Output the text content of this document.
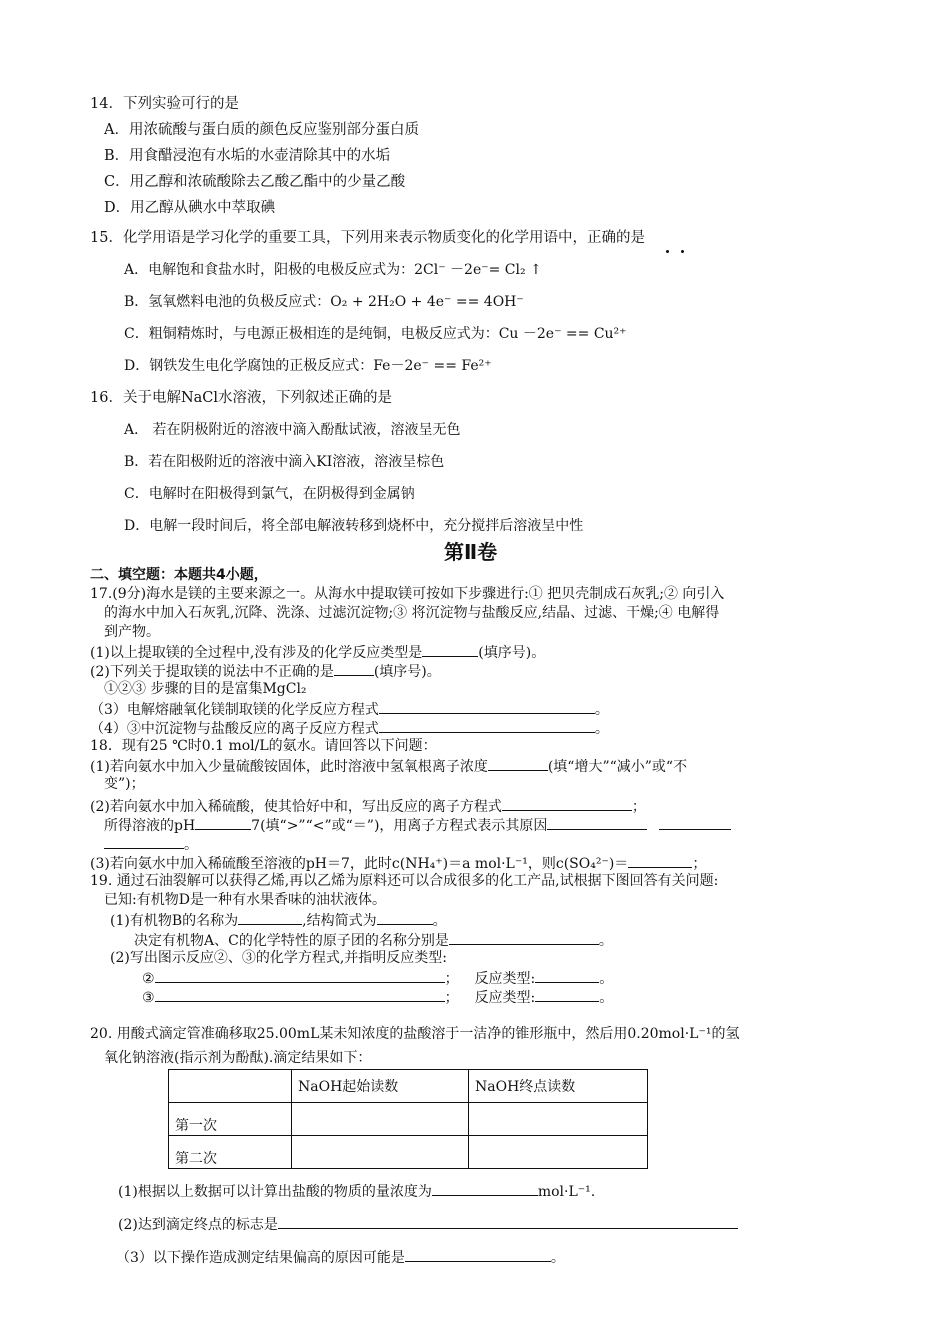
14．下列实验可行的是
A．用浓硫酸与蛋白质的颜色反应鉴别部分蛋白质
B．用食醋浸泡有水垢的水壶清除其中的水垢
C．用乙醇和浓硫酸除去乙酸乙酯中的少量乙酸
D．用乙醇从碘水中萃取碘
15．化学用语是学习化学的重要工具，下列用来表示物质变化的化学用语中，正确的是
A．电解饱和食盐水时，阳极的电极反应式为：2Cl⁻ －2e⁻= Cl₂ ↑
B．氢氧燃料电池的负极反应式：O₂ + 2H₂O + 4e⁻ == 4OH⁻
C．粗铜精炼时，与电源正极相连的是纯铜，电极反应式为：Cu －2e⁻ == Cu²⁺
D．钢铁发生电化学腐蚀的正极反应式：Fe－2e⁻ == Fe²⁺
16．关于电解NaCl水溶液，下列叙述正确的是
A． 若在阴极附近的溶液中滴入酚酞试液，溶液呈无色
B．若在阳极附近的溶液中滴入KI溶液，溶液呈棕色
C．电解时在阳极得到氯气，在阴极得到金属钠
D．电解一段时间后，将全部电解液转移到烧杯中，充分搅拌后溶液呈中性
第Ⅱ卷
二、填空题：本题共4小题，
17.(9分)海水是镁的主要来源之一。从海水中提取镁可按如下步骤进行:① 把贝壳制成石灰乳;② 向引入
的海水中加入石灰乳,沉降、洗涤、过滤沉淀物;③ 将沉淀物与盐酸反应,结晶、过滤、干燥;④ 电解得
到产物。
(1)以上提取镁的全过程中,没有涉及的化学反应类型是	(填序号)。
(2)下列关于提取镁的说法中不正确的是	(填序号)。
①②③ 步骤的目的是富集MgCl₂
（3）电解熔融氧化镁制取镁的化学反应方程式	。
（4）③中沉淀物与盐酸反应的离子反应方程式	。
18．现有25 ℃时0.1 mol/L的氨水。请回答以下问题：
(1)若向氨水中加入少量硫酸铵固体，此时溶液中氢氧根离子浓度	(填“增大”“减小”或“不
变”)；
(2)若向氨水中加入稀硫酸，使其恰好中和，写出反应的离子方程式	；
所得溶液的pH	7(填“>”“<”或“＝”)，用离子方程式表示其原因
。
(3)若向氨水中加入稀硫酸至溶液的pH＝7，此时c(NH₄⁺)＝a mol·L⁻¹，则c(SO₄²⁻)＝	；
19. 通过石油裂解可以获得乙烯,再以乙烯为原料还可以合成很多的化工产品,试根据下图回答有关问题:
已知:有机物D是一种有水果香味的油状液体。
(1)有机物B的名称为	,结构简式为	。
决定有机物A、C的化学特性的原子团的名称分别是	。
(2)写出图示反应②、③的化学方程式,并指明反应类型:
②	； 反应类型:	。
③	； 反应类型:	。
20. 用酸式滴定管准确移取25.00mL某未知浓度的盐酸溶于一洁净的锥形瓶中，然后用0.20mol·L⁻¹的氢
氧化钠溶液(指示剂为酚酞).滴定结果如下：
	NaOH起始读数	NaOH终点读数
第一次		
第二次		
(1)根据以上数据可以计算出盐酸的物质的量浓度为	mol·L⁻¹.
(2)达到滴定终点的标志是
（3）以下操作造成测定结果偏高的原因可能是	。
